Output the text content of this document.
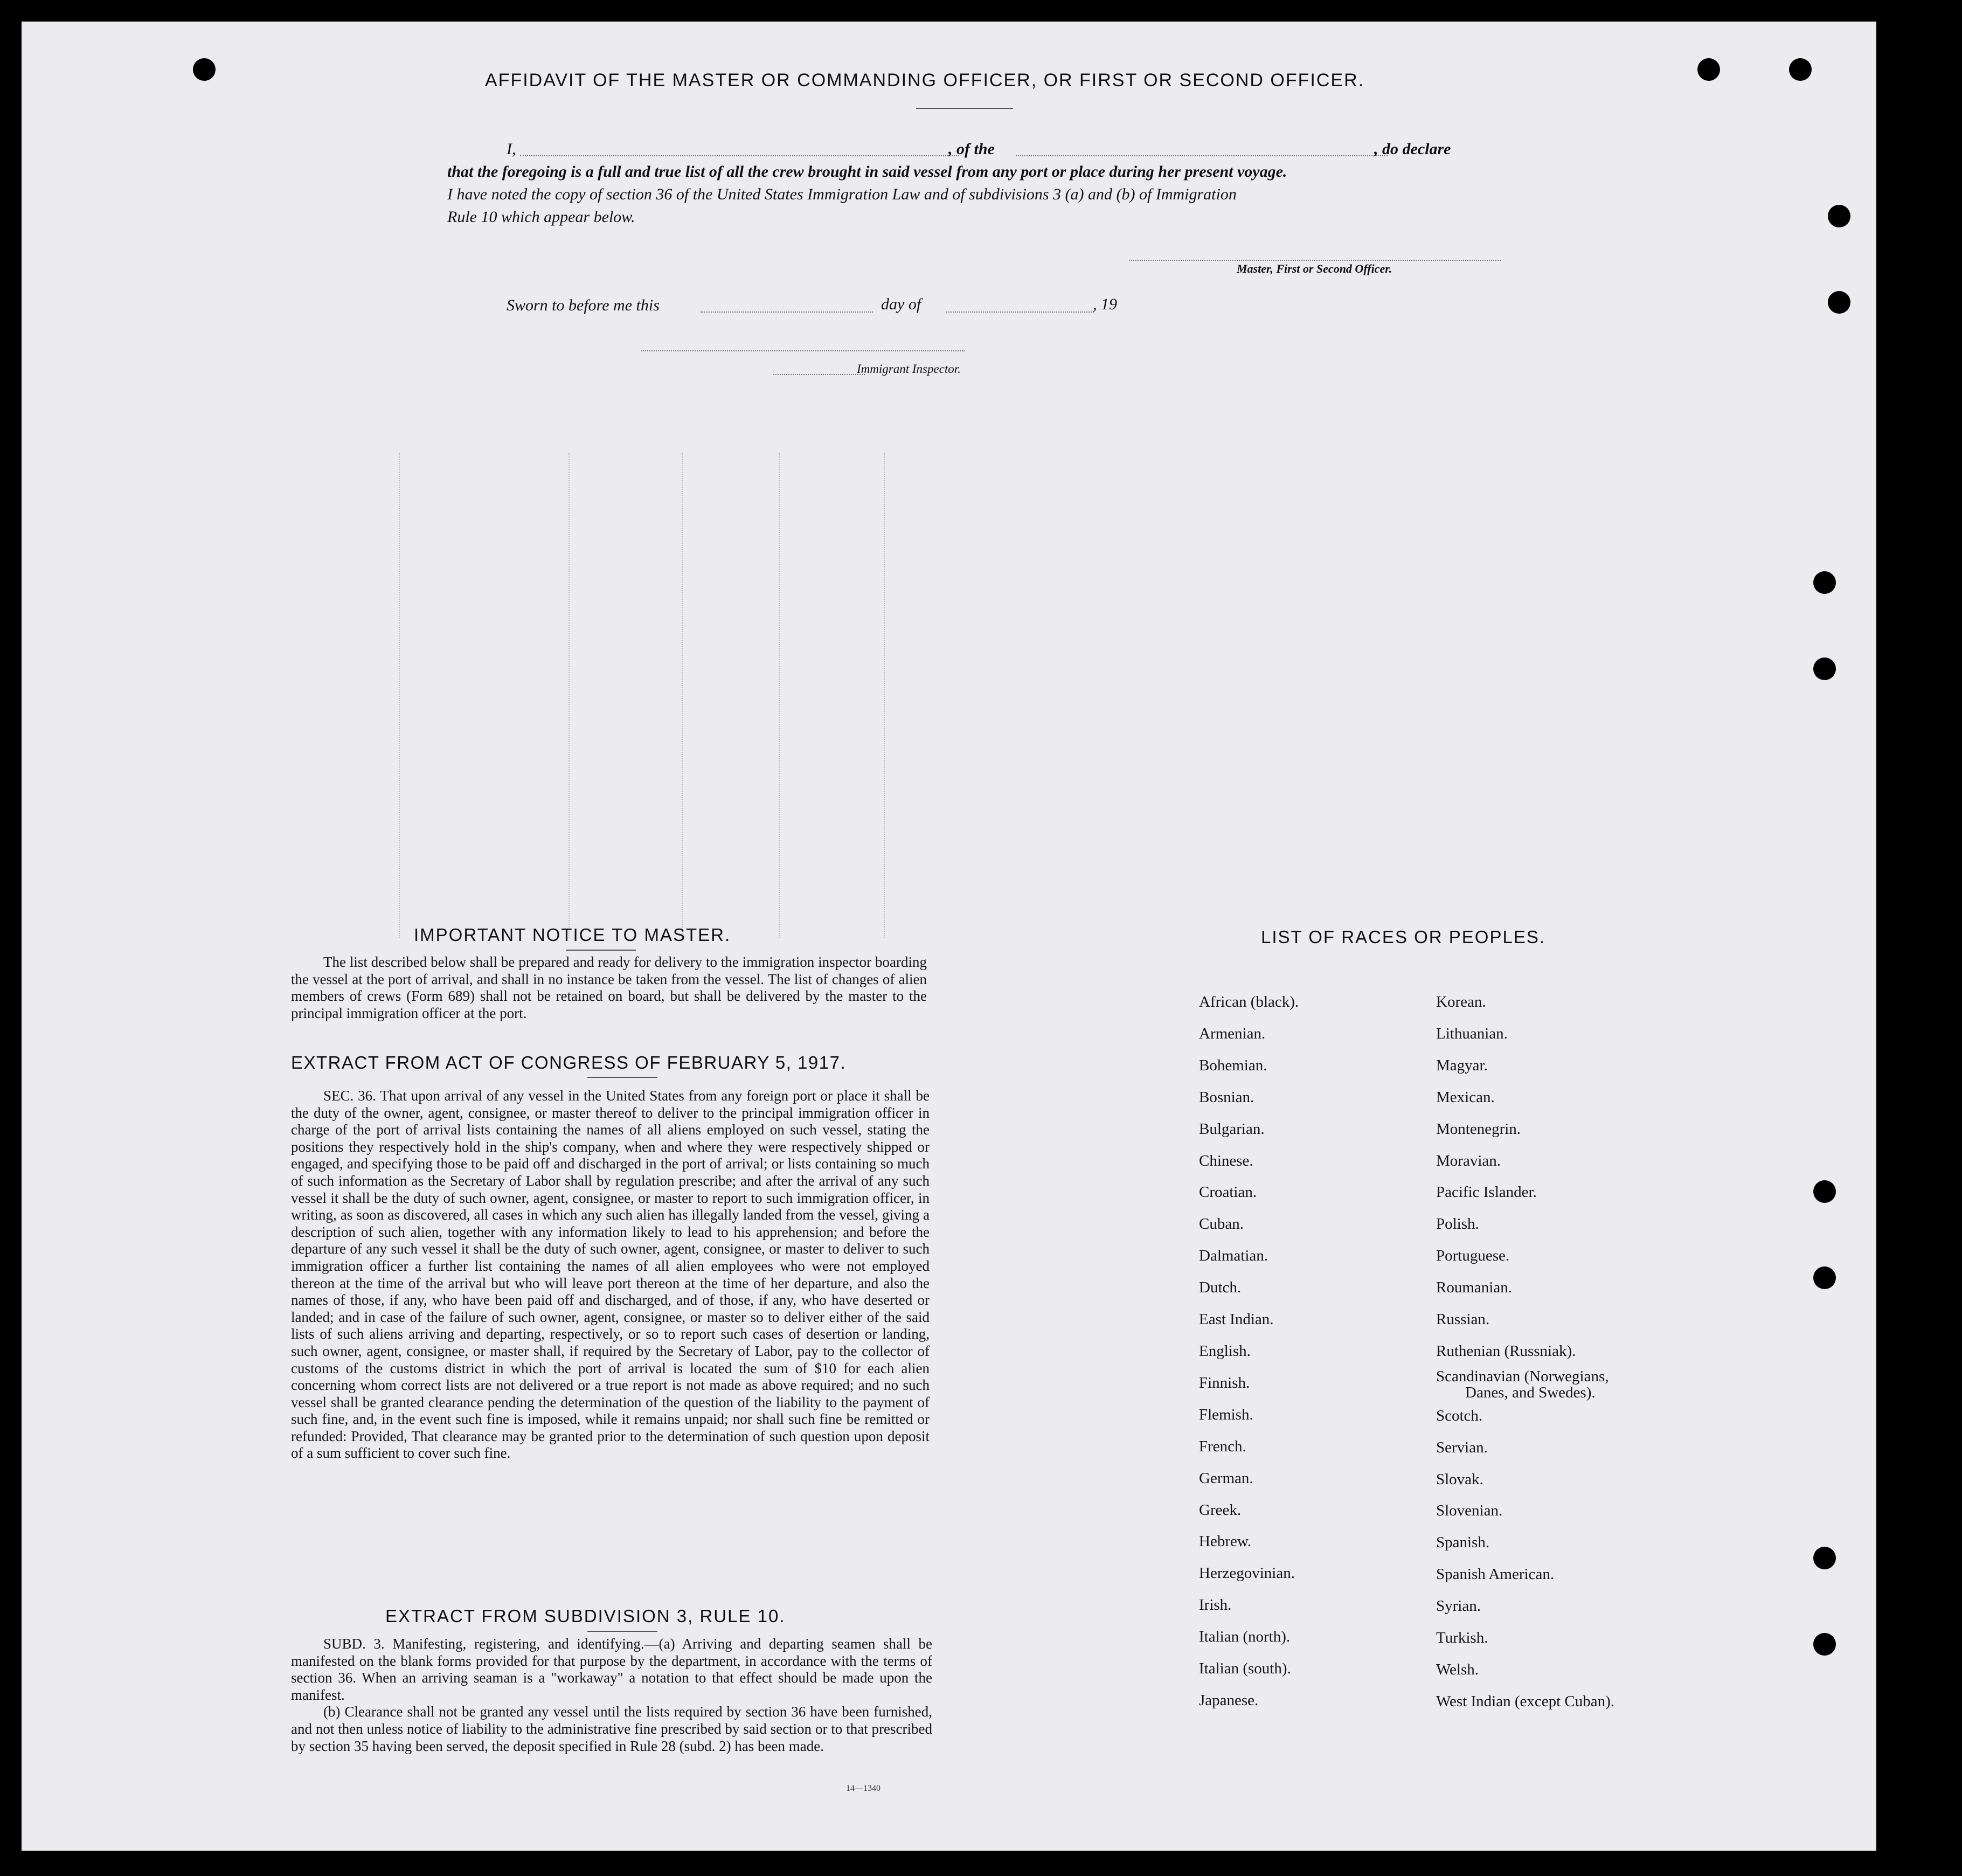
AFFIDAVIT OF THE MASTER OR COMMANDING OFFICER, OR FIRST OR SECOND OFFICER.
I,	, of the	, do declare
that the foregoing is a full and true list of all the crew brought in said vessel from any port or place during her present voyage.
I have noted the copy of section 36 of the United States Immigration Law and of subdivisions 3 (a) and (b) of Immigration
Rule 10 which appear below.
Master, First or Second Officer.
Sworn to before me this	day of	, 19
Immigrant Inspector.
IMPORTANT NOTICE TO MASTER.

The list described below shall be prepared and ready for delivery to the immigration inspector boarding the vessel at the port of arrival, and shall in no instance be taken from the vessel. The list of changes of alien members of crews (Form 689) shall not be retained on board, but shall be delivered by the master to the principal immigration officer at the port.

EXTRACT FROM ACT OF CONGRESS OF FEBRUARY 5, 1917.

SEC. 36. That upon arrival of any vessel in the United States from any foreign port or place it shall be the duty of the owner, agent, consignee, or master thereof to deliver to the principal immigration officer in charge of the port of arrival lists containing the names of all aliens employed on such vessel, stating the positions they respectively hold in the ship's company, when and where they were respectively shipped or engaged, and specifying those to be paid off and discharged in the port of arrival; or lists containing so much of such information as the Secretary of Labor shall by regulation prescribe; and after the arrival of any such vessel it shall be the duty of such owner, agent, consignee, or master to report to such immigration officer, in writing, as soon as discovered, all cases in which any such alien has illegally landed from the vessel, giving a description of such alien, together with any information likely to lead to his apprehension; and before the departure of any such vessel it shall be the duty of such owner, agent, consignee, or master to deliver to such immigration officer a further list containing the names of all alien employees who were not employed thereon at the time of the arrival but who will leave port thereon at the time of her departure, and also the names of those, if any, who have been paid off and discharged, and of those, if any, who have deserted or landed; and in case of the failure of such owner, agent, consignee, or master so to deliver either of the said lists of such aliens arriving and departing, respectively, or so to report such cases of desertion or landing, such owner, agent, consignee, or master shall, if required by the Secretary of Labor, pay to the collector of customs of the customs district in which the port of arrival is located the sum of $10 for each alien concerning whom correct lists are not delivered or a true report is not made as above required; and no such vessel shall be granted clearance pending the determination of the question of the liability to the payment of such fine, and, in the event such fine is imposed, while it remains unpaid; nor shall such fine be remitted or refunded: Provided, That clearance may be granted prior to the determination of such question upon deposit of a sum sufficient to cover such fine.

EXTRACT FROM SUBDIVISION 3, RULE 10.

SUBD. 3. Manifesting, registering, and identifying.—(a) Arriving and departing seamen shall be manifested on the blank forms provided for that purpose by the department, in accordance with the terms of section 36. When an arriving seaman is a "workaway" a notation to that effect should be made upon the manifest.

(b) Clearance shall not be granted any vessel until the lists required by section 36 have been furnished, and not then unless notice of liability to the administrative fine prescribed by said section or to that prescribed by section 35 having been served, the deposit specified in Rule 28 (subd. 2) has been made.

14—1340
LIST OF RACES OR PEOPLES.
African (black).
Armenian.
Bohemian.
Bosnian.
Bulgarian.
Chinese.
Croatian.
Cuban.
Dalmatian.
Dutch.
East Indian.
English.
Finnish.
Flemish.
French.
German.
Greek.
Hebrew.
Herzegovinian.
Irish.
Italian (north).
Italian (south).
Japanese.
Korean.
Lithuanian.
Magyar.
Mexican.
Montenegrin.
Moravian.
Pacific Islander.
Polish.
Portuguese.
Roumanian.
Russian.
Ruthenian (Russniak).
Scandinavian (Norwegians,
Danes, and Swedes).
Scotch.
Servian.
Slovak.
Slovenian.
Spanish.
Spanish American.
Syrian.
Turkish.
Welsh.
West Indian (except Cuban).
